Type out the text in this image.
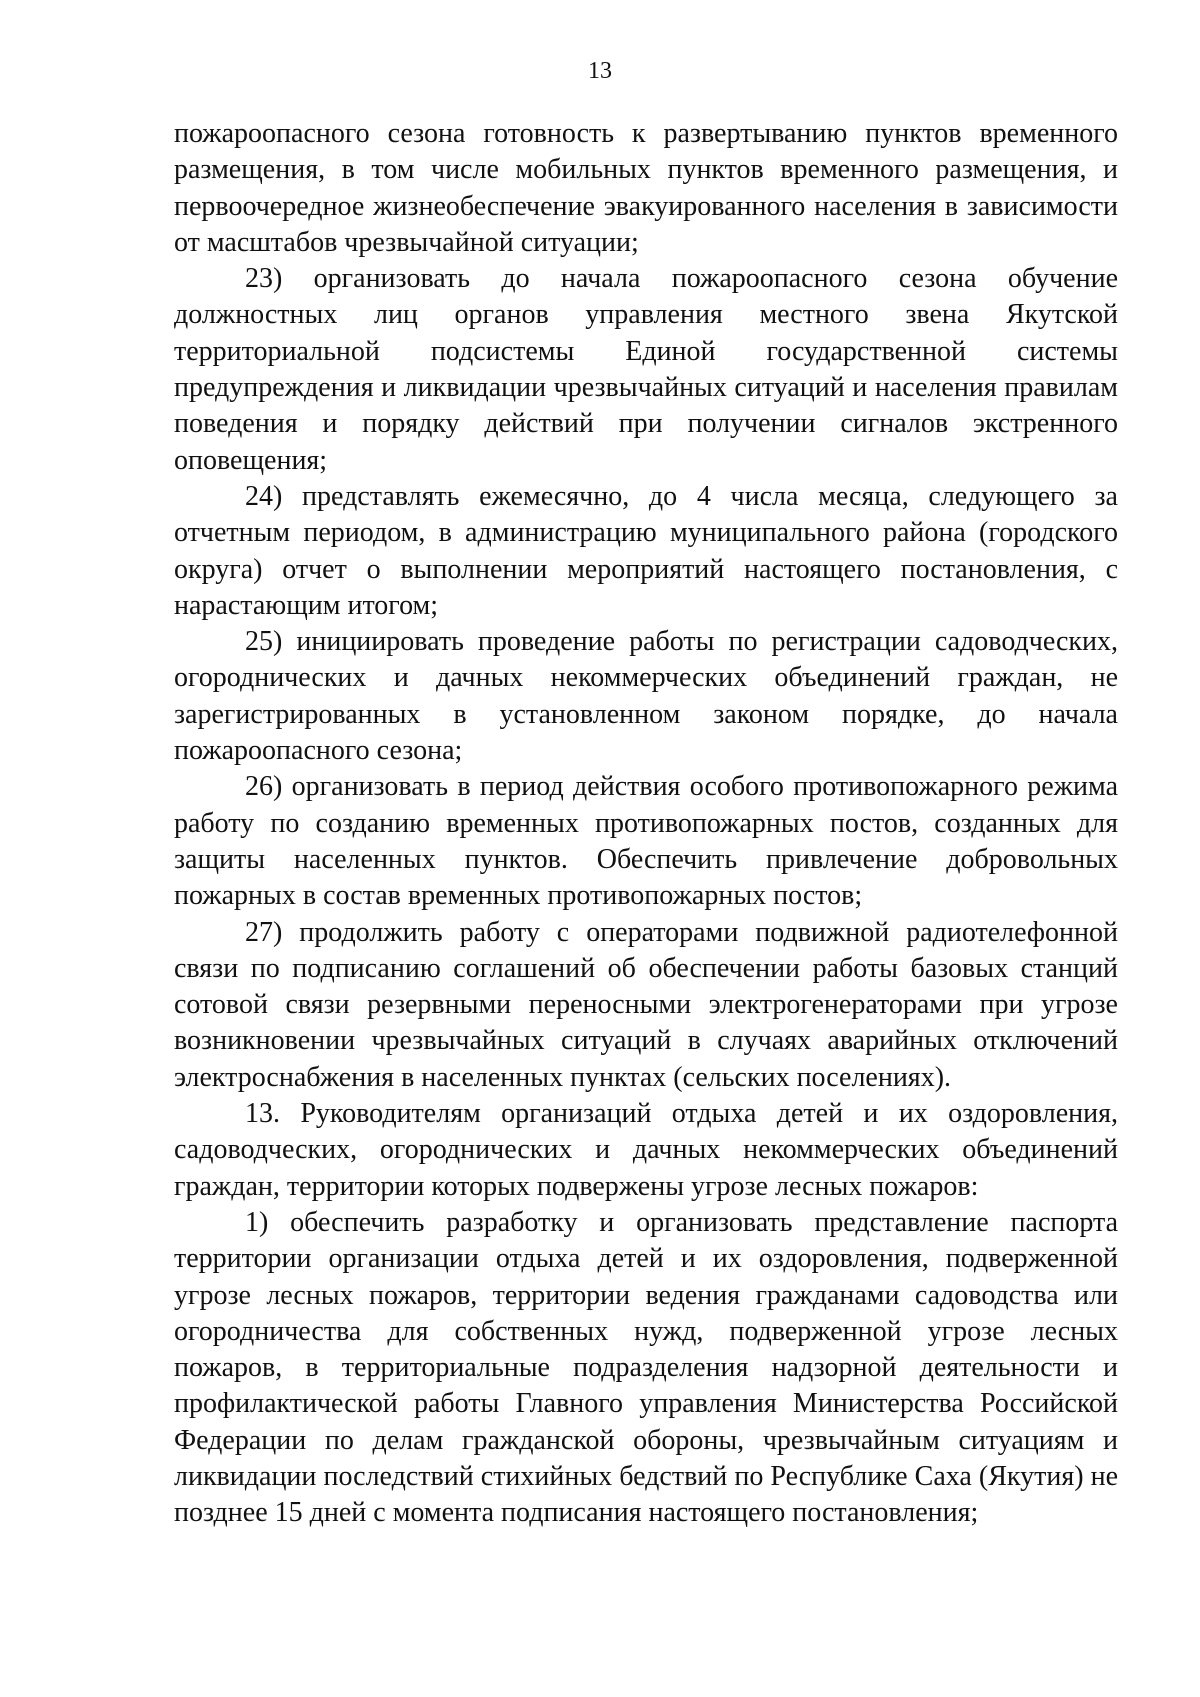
13

пожароопасного сезона готовность к развертыванию пунктов временного размещения, в том числе мобильных пунктов временного размещения, и первоочередное жизнеобеспечение эвакуированного населения в зависимости от масштабов чрезвычайной ситуации;

23) организовать до начала пожароопасного сезона обучение должностных лиц органов управления местного звена Якутской территориальной подсистемы Единой государственной системы предупреждения и ликвидации чрезвычайных ситуаций и населения правилам поведения и порядку действий при получении сигналов экстренного оповещения;

24) представлять ежемесячно, до 4 числа месяца, следующего за отчетным периодом, в администрацию муниципального района (городского округа) отчет о выполнении мероприятий настоящего постановления, с нарастающим итогом;

25) инициировать проведение работы по регистрации садоводческих, огороднических и дачных некоммерческих объединений граждан, не зарегистрированных в установленном законом порядке, до начала пожароопасного сезона;

26) организовать в период действия особого противопожарного режима работу по созданию временных противопожарных постов, созданных для защиты населенных пунктов. Обеспечить привлечение добровольных пожарных в состав временных противопожарных постов;

27) продолжить работу с операторами подвижной радиотелефонной связи по подписанию соглашений об обеспечении работы базовых станций сотовой связи резервными переносными электрогенераторами при угрозе возникновении чрезвычайных ситуаций в случаях аварийных отключений электроснабжения в населенных пунктах (сельских поселениях).

13. Руководителям организаций отдыха детей и их оздоровления, садоводческих, огороднических и дачных некоммерческих объединений граждан, территории которых подвержены угрозе лесных пожаров:

1) обеспечить разработку и организовать представление паспорта территории организации отдыха детей и их оздоровления, подверженной угрозе лесных пожаров, территории ведения гражданами садоводства или огородничества для собственных нужд, подверженной угрозе лесных пожаров, в территориальные подразделения надзорной деятельности и профилактической работы Главного управления Министерства Российской Федерации по делам гражданской обороны, чрезвычайным ситуациям и ликвидации последствий стихийных бедствий по Республике Саха (Якутия) не позднее 15 дней с момента подписания настоящего постановления;
